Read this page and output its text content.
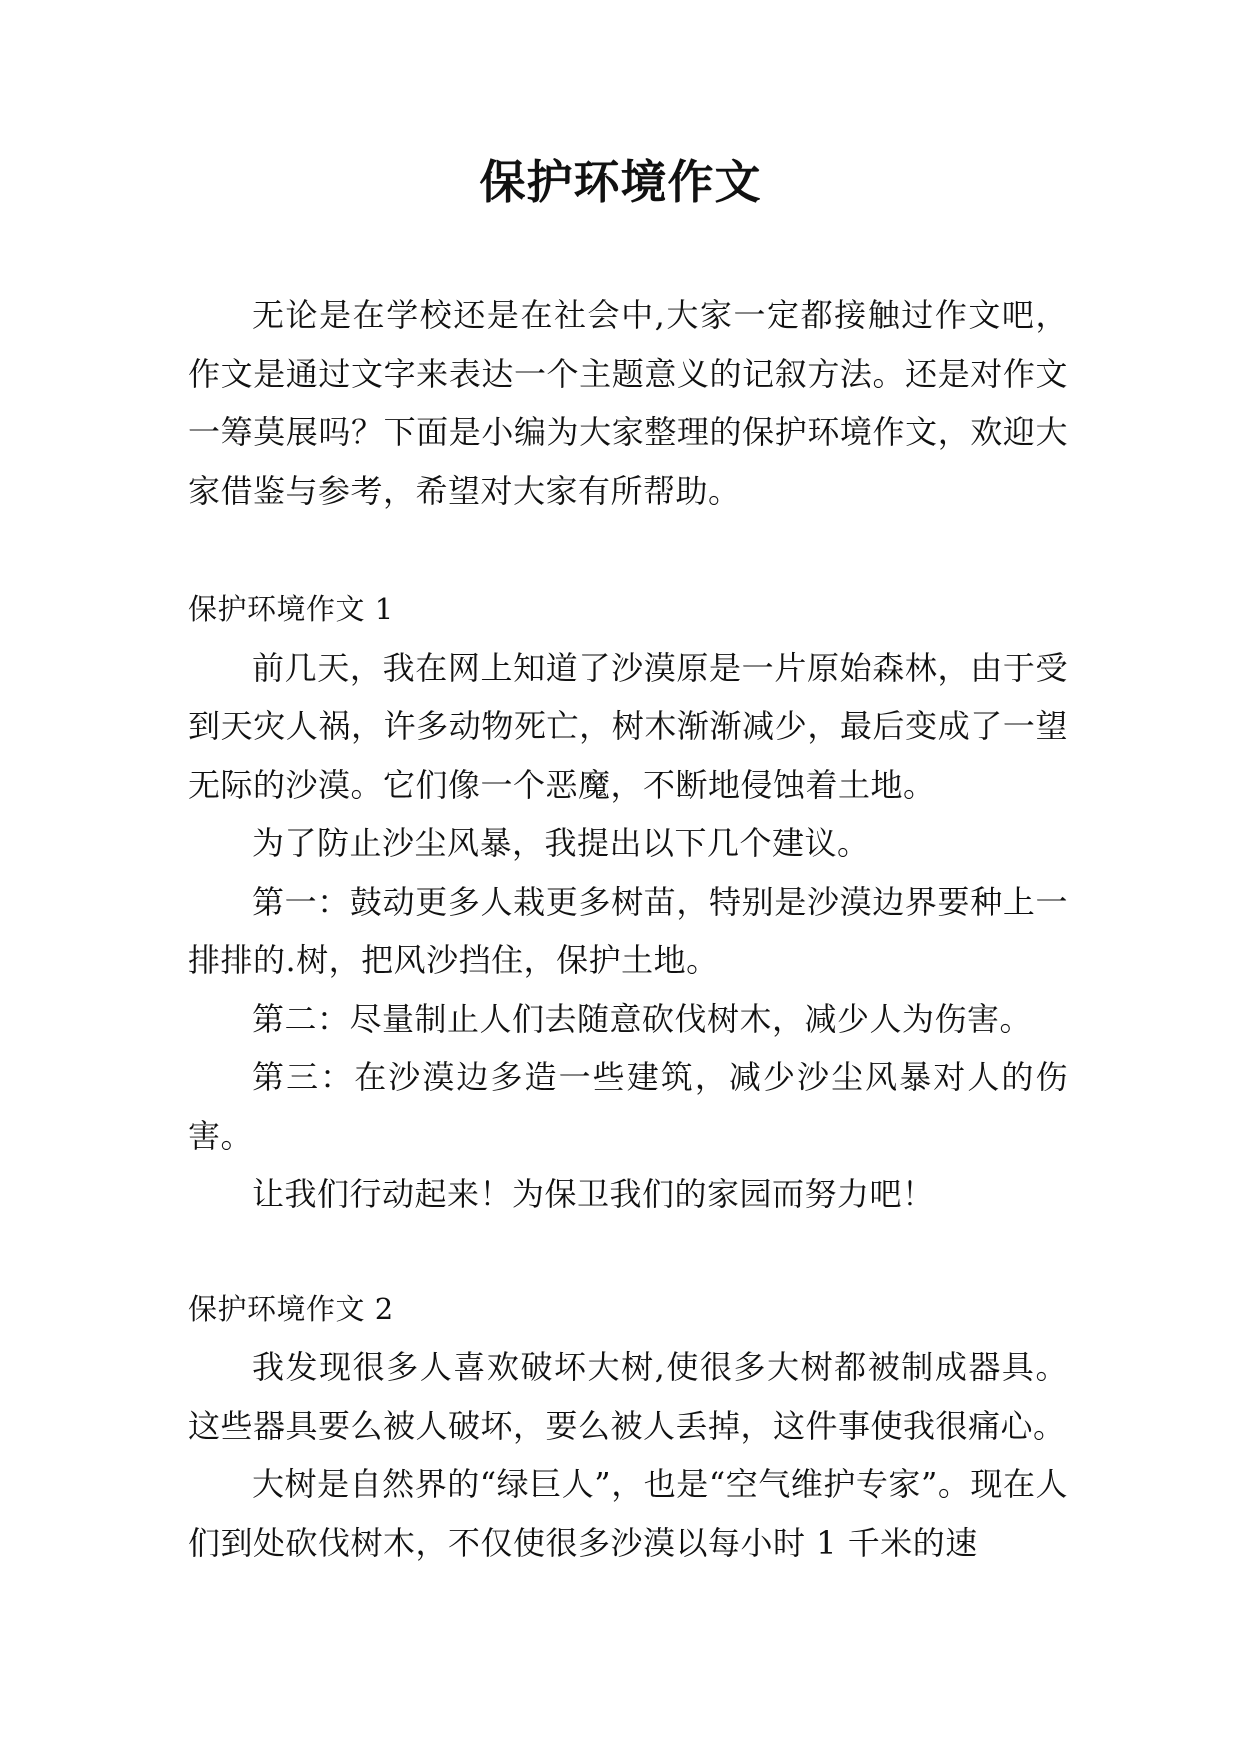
保护环境作文

无论是在学校还是在社会中,大家一定都接触过作文吧，作文是通过文字来表达一个主题意义的记叙方法。还是对作文一筹莫展吗？下面是小编为大家整理的保护环境作文，欢迎大家借鉴与参考，希望对大家有所帮助。

保护环境作文 1

前几天，我在网上知道了沙漠原是一片原始森林，由于受到天灾人祸，许多动物死亡，树木渐渐减少，最后变成了一望无际的沙漠。它们像一个恶魔，不断地侵蚀着土地。

为了防止沙尘风暴，我提出以下几个建议。

第一：鼓动更多人栽更多树苗，特别是沙漠边界要种上一排排的.树，把风沙挡住，保护土地。

第二：尽量制止人们去随意砍伐树木，减少人为伤害。

第三：在沙漠边多造一些建筑，减少沙尘风暴对人的伤害。

让我们行动起来！为保卫我们的家园而努力吧！

保护环境作文 2

我发现很多人喜欢破坏大树,使很多大树都被制成器具。这些器具要么被人破坏，要么被人丢掉，这件事使我很痛心。

大树是自然界的“绿巨人”，也是“空气维护专家”。现在人们到处砍伐树木，不仅使很多沙漠以每小时 1 千米的速
